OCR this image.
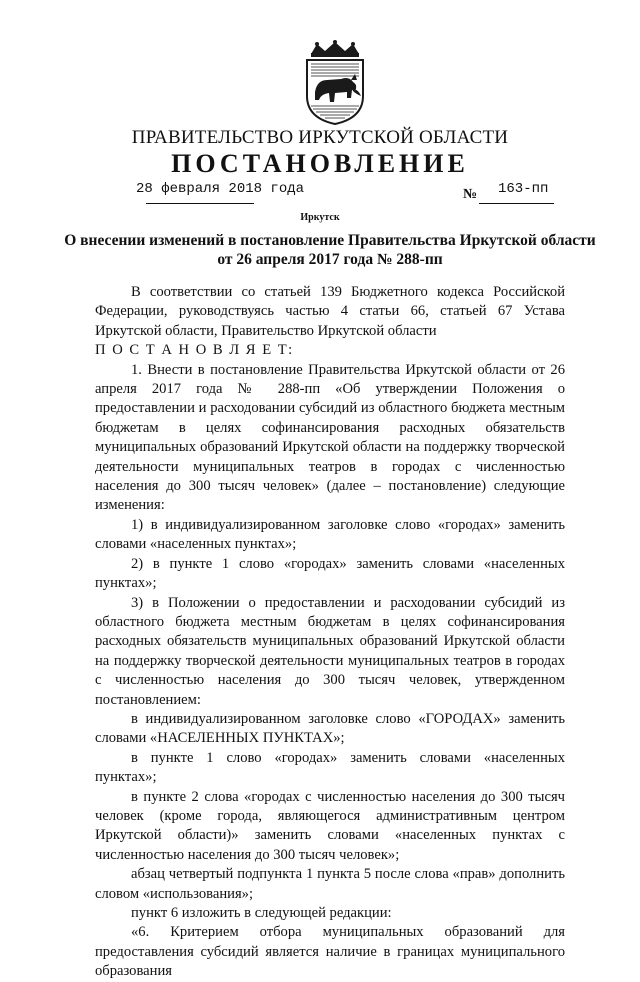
ПРАВИТЕЛЬСТВО ИРКУТСКОЙ ОБЛАСТИ
ПОСТАНОВЛЕНИЕ
28 февраля 2018 года	№ 163-пп
Иркутск
О внесении изменений в постановление Правительства Иркутской области от 26 апреля 2017 года № 288-пп

В соответствии со статьей 139 Бюджетного кодекса Российской Федерации, руководствуясь частью 4 статьи 66, статьей 67 Устава Иркутской области, Правительство Иркутской области

П О С Т А Н О В Л Я Е Т:

1. Внести в постановление Правительства Иркутской области от 26 апреля 2017 года № 288-пп «Об утверждении Положения о предоставлении и расходовании субсидий из областного бюджета местным бюджетам в целях софинансирования расходных обязательств муниципальных образований Иркутской области на поддержку творческой деятельности муниципальных театров в городах с численностью населения до 300 тысяч человек» (далее – постановление) следующие изменения:

1) в индивидуализированном заголовке слово «городах» заменить словами «населенных пунктах»;

2) в пункте 1 слово «городах» заменить словами «населенных пунктах»;

3) в Положении о предоставлении и расходовании субсидий из областного бюджета местным бюджетам в целях софинансирования расходных обязательств муниципальных образований Иркутской области на поддержку творческой деятельности муниципальных театров в городах с численностью населения до 300 тысяч человек, утвержденном постановлением:

в индивидуализированном заголовке слово «ГОРОДАХ» заменить словами «НАСЕЛЕННЫХ ПУНКТАХ»;

в пункте 1 слово «городах» заменить словами «населенных пунктах»;

в пункте 2 слова «городах с численностью населения до 300 тысяч человек (кроме города, являющегося административным центром Иркутской области)» заменить словами «населенных пунктах с численностью населения до 300 тысяч человек»;

абзац четвертый подпункта 1 пункта 5 после слова «прав» дополнить словом «использования»;

пункт 6 изложить в следующей редакции:

«6. Критерием отбора муниципальных образований для предоставления субсидий является наличие в границах муниципального образования
